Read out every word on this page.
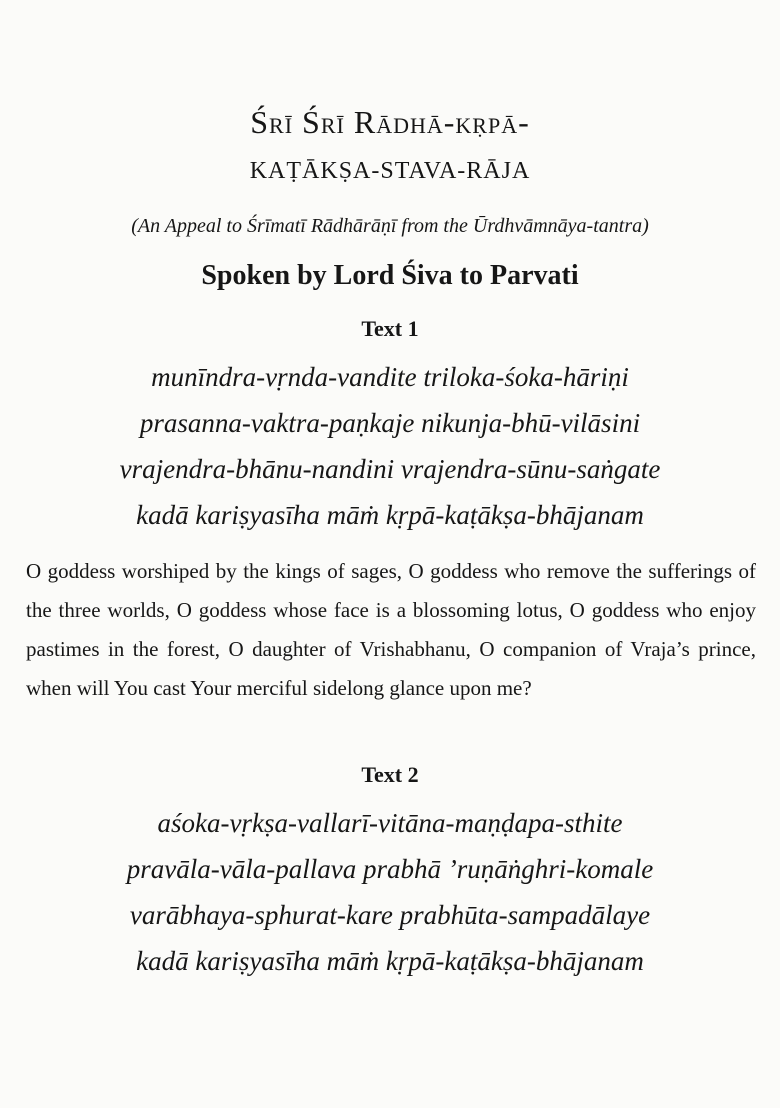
Śrī Śrī Rādhā-kṛpā-
KAṬĀKṢA-STAVA-RĀJA
(An Appeal to Śrīmatī Rādhārāṇī from the Ūrdhvāmnāya-tantra)
Spoken by Lord Śiva to Parvati
Text 1
munīndra-vṛnda-vandite triloka-śoka-hāriṇi
prasanna-vaktra-paṇkaje nikunja-bhū-vilāsini
vrajendra-bhānu-nandini vrajendra-sūnu-saṅgate
kadā kariṣyasīha māṁ kṛpā-kaṭākṣa-bhājanam
O goddess worshiped by the kings of sages, O goddess who remove the sufferings of the three worlds, O goddess whose face is a blossoming lotus, O goddess who enjoy pastimes in the forest, O daughter of Vrishabhanu, O companion of Vraja’s prince, when will You cast Your merciful sidelong glance upon me?
Text 2
aśoka-vṛkṣa-vallarī-vitāna-maṇḍapa-sthite
pravāla-vāla-pallava prabhā ’ruṇāṅghri-komale
varābhaya-sphurat-kare prabhūta-sampadālaye
kadā kariṣyasīha māṁ kṛpā-kaṭākṣa-bhājanam
